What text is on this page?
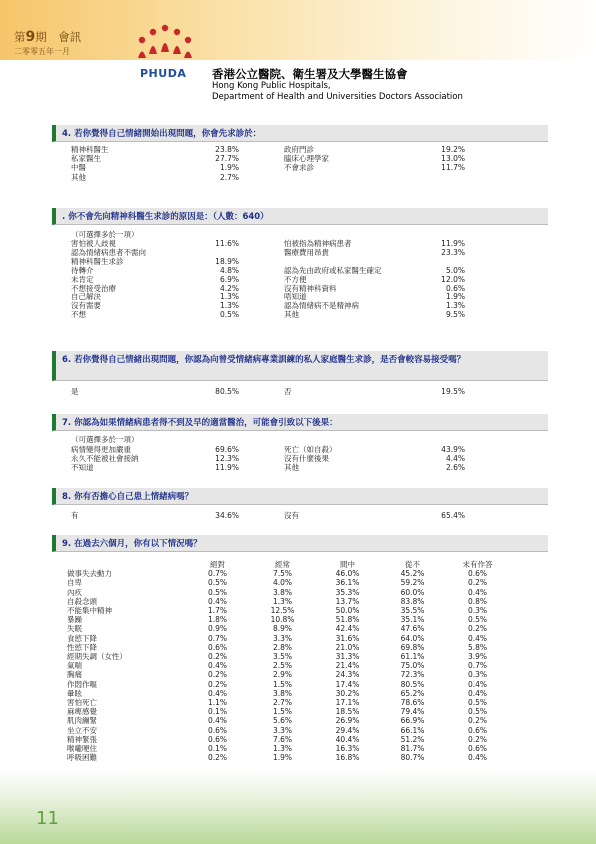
第9期　會訊
二零零五年一月
PHUDA 香港公立醫院、衛生署及大學醫生協會
Hong Kong Public Hospitals,
Department of Health and Universities Doctors Association
4. 若你覺得自己情緒開始出現問題，你會先求診於：
精神科醫生	23.8%
私家醫生	27.7%
中醫	1.9%
其他	2.7%
政府門診	19.2%
臨床心理學家	13.0%
不會求診	11.7%
. 你不會先向精神科醫生求診的原因是：（人數：640）
（可選擇多於一項）
害怕被人歧視	11.6%
認為情緒病患者不需向
精神科醫生求診	18.9%
待轉介	4.8%
未肯定	6.9%
不想接受治療	4.2%
自己解決	1.3%
沒有需要	1.3%
不想	0.5%
怕被指為精神病患者	11.9%
醫療費用昂貴	23.3%
認為先由政府或私家醫生確定	5.0%
不方便	12.0%
沒有精神科資料	0.6%
唔知道	1.9%
認為情緒病不是精神病	1.3%
其他	9.5%
6. 若你覺得自己情緒出現問題，你認為向曾受情緒病專業訓練的私人家庭醫生求診，是否會較容易接受嗎？
是	80.5%	否	19.5%
7. 你認為如果情緒病患者得不到及早的適當醫治，可能會引致以下後果：
（可選擇多於一項）
病情變得更加嚴重	69.6%
永久不能被社會接納	12.3%
不知道	11.9%
死亡（如自殺）	43.9%
沒有什麼後果	4.4%
其他	2.6%
8. 你有否擔心自己患上情緒病嗎？
有	34.6%	沒有	65.4%
9. 在過去六個月，你有以下情況嗎？
	絕對	經常	間中	從不	未有作答
做事失去動力	0.7%	7.5%	46.0%	45.2%	0.6%
自卑	0.5%	4.0%	36.1%	59.2%	0.2%
內疚	0.5%	3.8%	35.3%	60.0%	0.4%
自殺念頭	0.4%	1.3%	13.7%	83.8%	0.8%
不能集中精神	1.7%	12.5%	50.0%	35.5%	0.3%
暴躁	1.8%	10.8%	51.8%	35.1%	0.5%
失眠	0.9%	8.9%	42.4%	47.6%	0.2%
食慾下降	0.7%	3.3%	31.6%	64.0%	0.4%
性慾下降	0.6%	2.8%	21.0%	69.8%	5.8%
經期失調（女性）	0.2%	3.5%	31.3%	61.1%	3.9%
氣喘	0.4%	2.5%	21.4%	75.0%	0.7%
胸痛	0.2%	2.9%	24.3%	72.3%	0.3%
作悶作嘔	0.2%	1.5%	17.4%	80.5%	0.4%
暈眩	0.4%	3.8%	30.2%	65.2%	0.4%
害怕死亡	1.1%	2.7%	17.1%	78.6%	0.5%
麻痺感覺	0.1%	1.5%	18.5%	79.4%	0.5%
肌肉繃緊	0.4%	5.6%	26.9%	66.9%	0.2%
坐立不安	0.6%	3.3%	29.4%	66.1%	0.6%
精神緊張	0.6%	7.6%	40.4%	51.2%	0.2%
喉嚨哽住	0.1%	1.3%	16.3%	81.7%	0.6%
呼吸困難	0.2%	1.9%	16.8%	80.7%	0.4%
11
